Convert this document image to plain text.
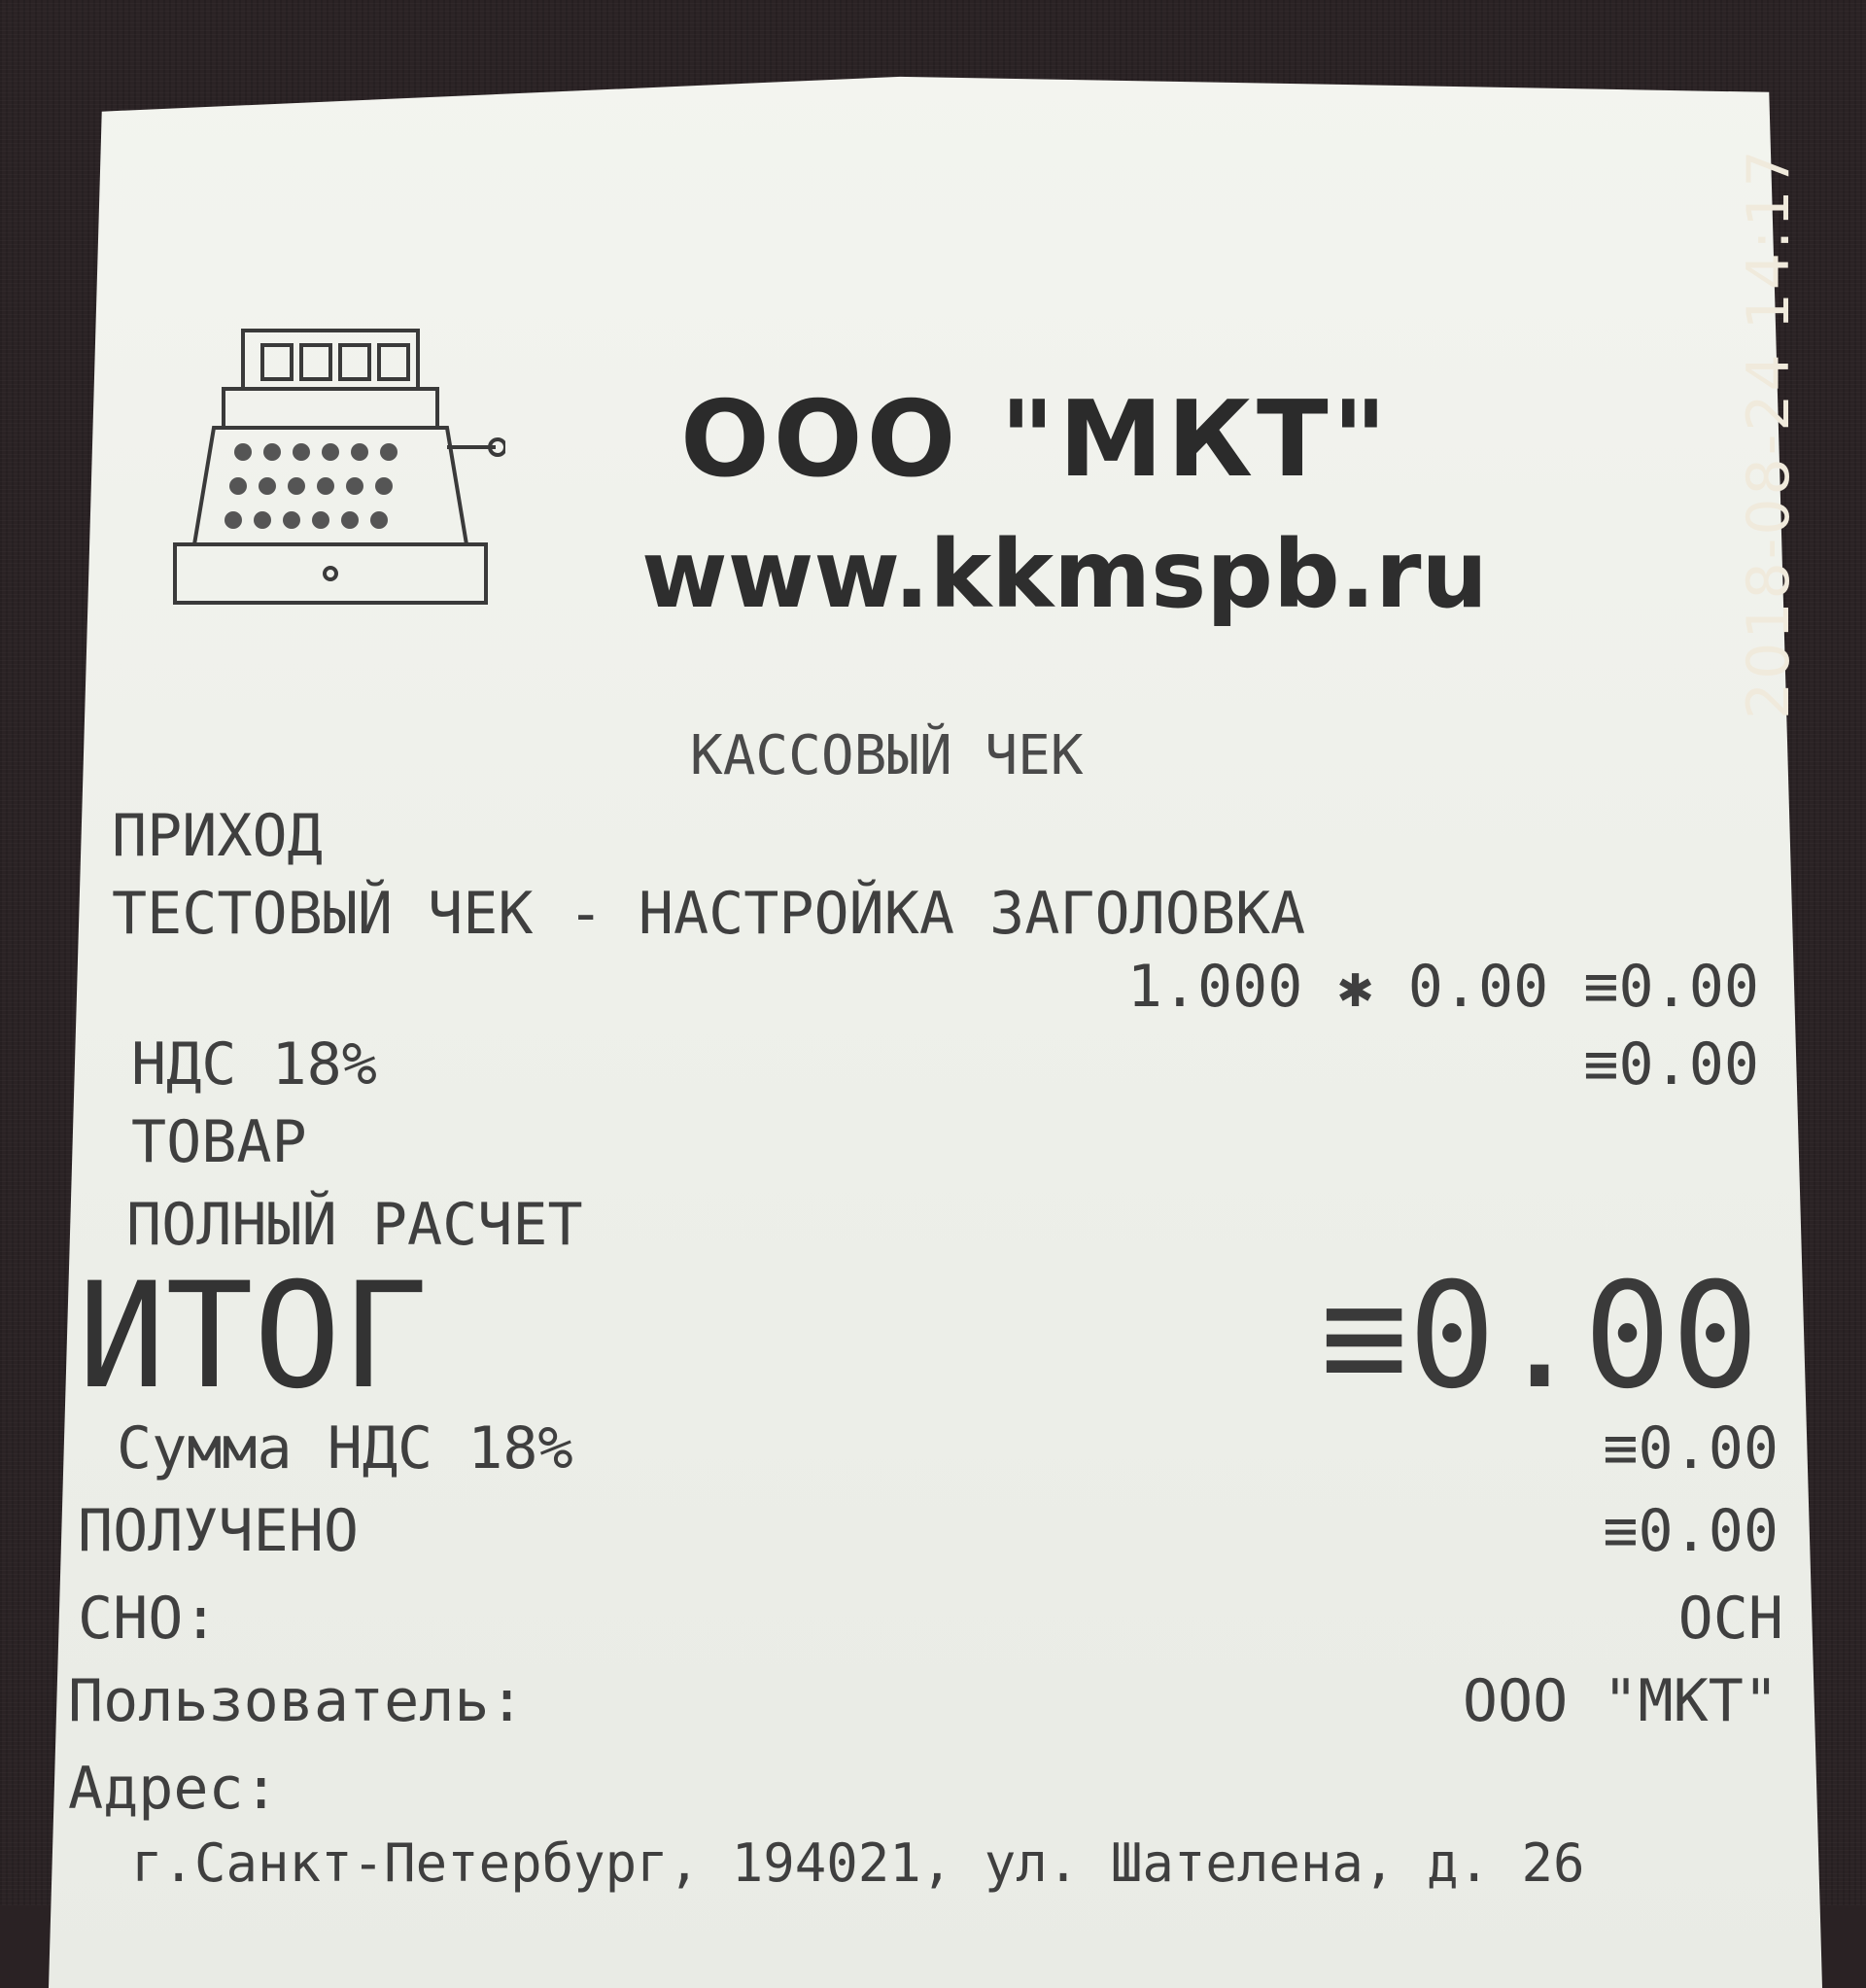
ООО "МКТ"
www.kkmspb.ru
КАССОВЫЙ ЧЕК
ПРИХОД
ТЕСТОВЫЙ ЧЕК - НАСТРОЙКА ЗАГОЛОВКА
1.000 ✱ 0.00 ≡0.00
НДС 18%	≡0.00
ТОВАР
ПОЛНЫЙ РАСЧЕТ
ИТОГ	≡0.00
Сумма НДС 18%	≡0.00
ПОЛУЧЕНО	≡0.00
СНО:	ОСН
Пользователь:	ООО "МКТ"
Адрес:
г.Санкт-Петербург, 194021, ул. Шателена, д. 26
2018-08-24 14:17
